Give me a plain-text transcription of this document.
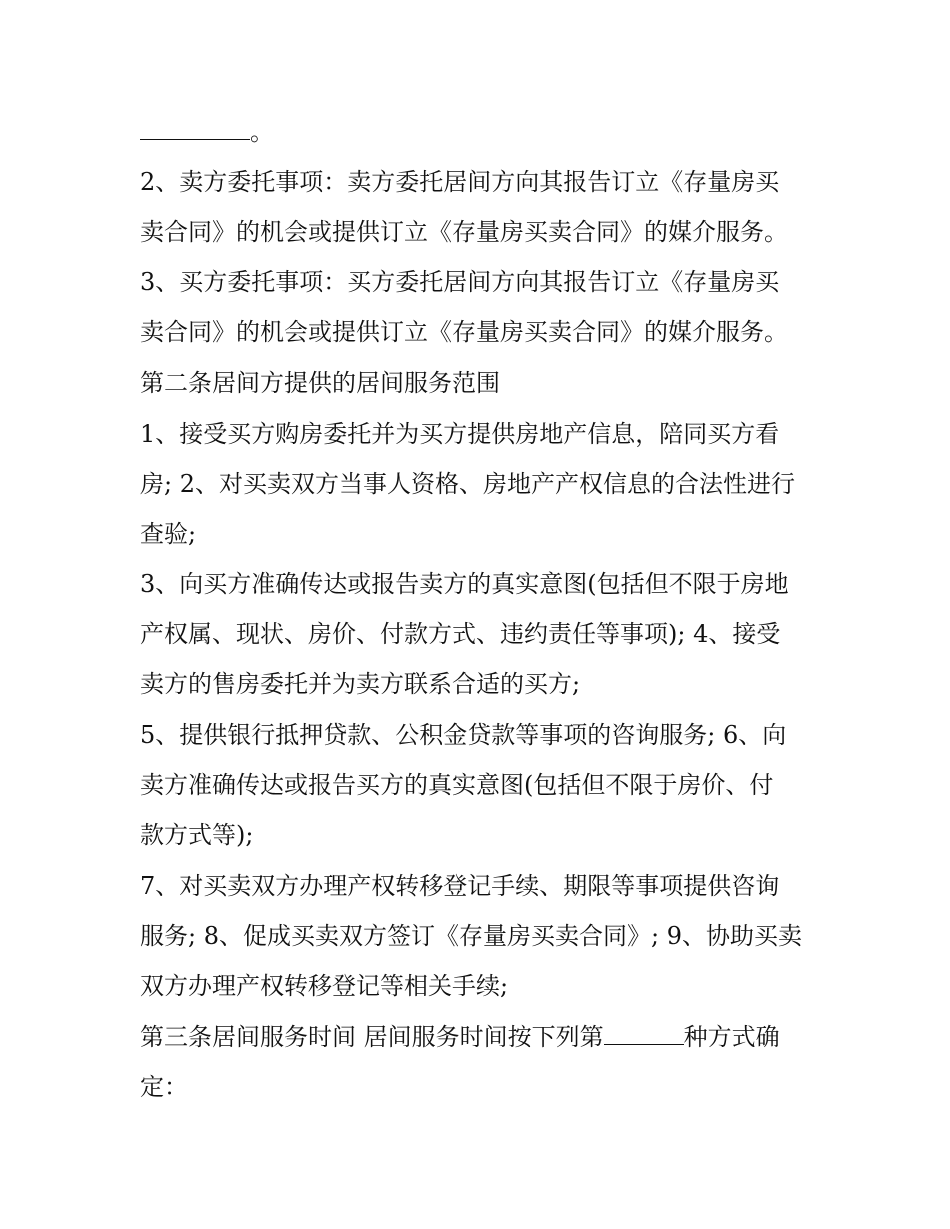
。
2、卖方委托事项：卖方委托居间方向其报告订立《存量房买
卖合同》的机会或提供订立《存量房买卖合同》的媒介服务。
3、买方委托事项：买方委托居间方向其报告订立《存量房买
卖合同》的机会或提供订立《存量房买卖合同》的媒介服务。
第二条居间方提供的居间服务范围
1、接受买方购房委托并为买方提供房地产信息，陪同买方看
房; 2、对买卖双方当事人资格、房地产产权信息的合法性进行
查验;
3、向买方准确传达或报告卖方的真实意图(包括但不限于房地
产权属、现状、房价、付款方式、违约责任等事项); 4、接受
卖方的售房委托并为卖方联系合适的买方;
5、提供银行抵押贷款、公积金贷款等事项的咨询服务; 6、向
卖方准确传达或报告买方的真实意图(包括但不限于房价、付
款方式等);
7、对买卖双方办理产权转移登记手续、期限等事项提供咨询
服务; 8、促成买卖双方签订《存量房买卖合同》; 9、协助买卖
双方办理产权转移登记等相关手续;
第三条居间服务时间 居间服务时间按下列第	种方式确
定：
